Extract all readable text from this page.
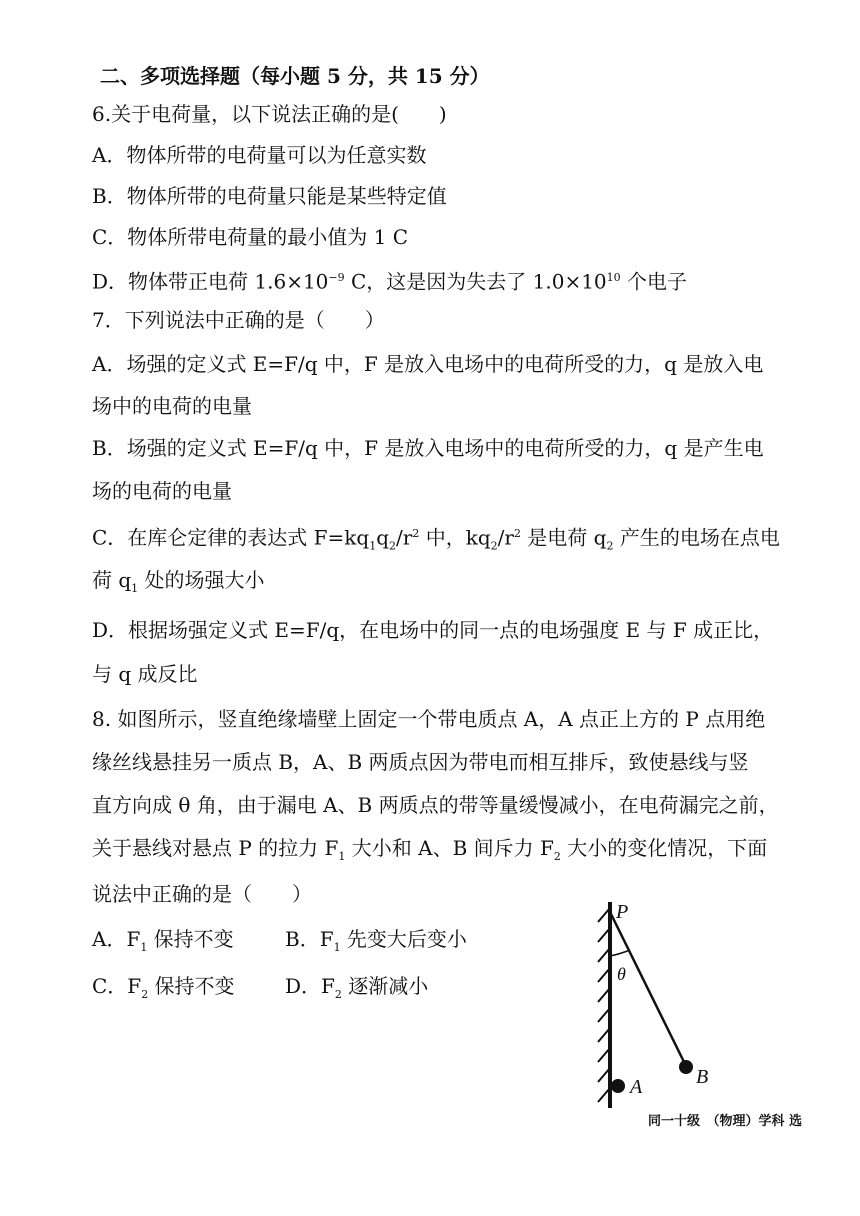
二、多项选择题（每小题 5 分，共 15 分）
6.关于电荷量，以下说法正确的是(　　)
A．物体所带的电荷量可以为任意实数
B．物体所带的电荷量只能是某些特定值
C．物体所带电荷量的最小值为 1 C
D．物体带正电荷 $1.6\times 10^{-9}$ C，这是因为失去了 $1.0\times 10^{10}$ 个电子
7．下列说法中正确的是（　　）
A．场强的定义式 E=F/q 中，F 是放入电场中的电荷所受的力，q 是放入电
场中的电荷的电量
B．场强的定义式 E=F/q 中，F 是放入电场中的电荷所受的力，q 是产生电
场的电荷的电量
C．在库仑定律的表达式 $F=kq_1q_2/r^2$ 中，$kq_2/r^2$ 是电荷 $q_2$ 产生的电场在点电
荷 $q_1$ 处的场强大小
D．根据场强定义式 E=F/q，在电场中的同一点的电场强度 E 与 F 成正比，
与 q 成反比
8. 如图所示，竖直绝缘墙壁上固定一个带电质点 A，A 点正上方的 P 点用绝
缘丝线悬挂另一质点 B，A、B 两质点因为带电而相互排斥，致使悬线与竖
直方向成 θ 角，由于漏电 A、B 两质点的带等量缓慢减小，在电荷漏完之前，
关于悬线对悬点 P 的拉力 $F_1$ 大小和 A、B 间斥力 $F_2$ 大小的变化情况，下面
说法中正确的是（　　）
A．$F_1$ 保持不变	B．$F_1$ 先变大后变小
C．$F_2$ 保持不变	D．$F_2$ 逐渐减小
P
θ
A	B
同一十级　（物理）学科 选
